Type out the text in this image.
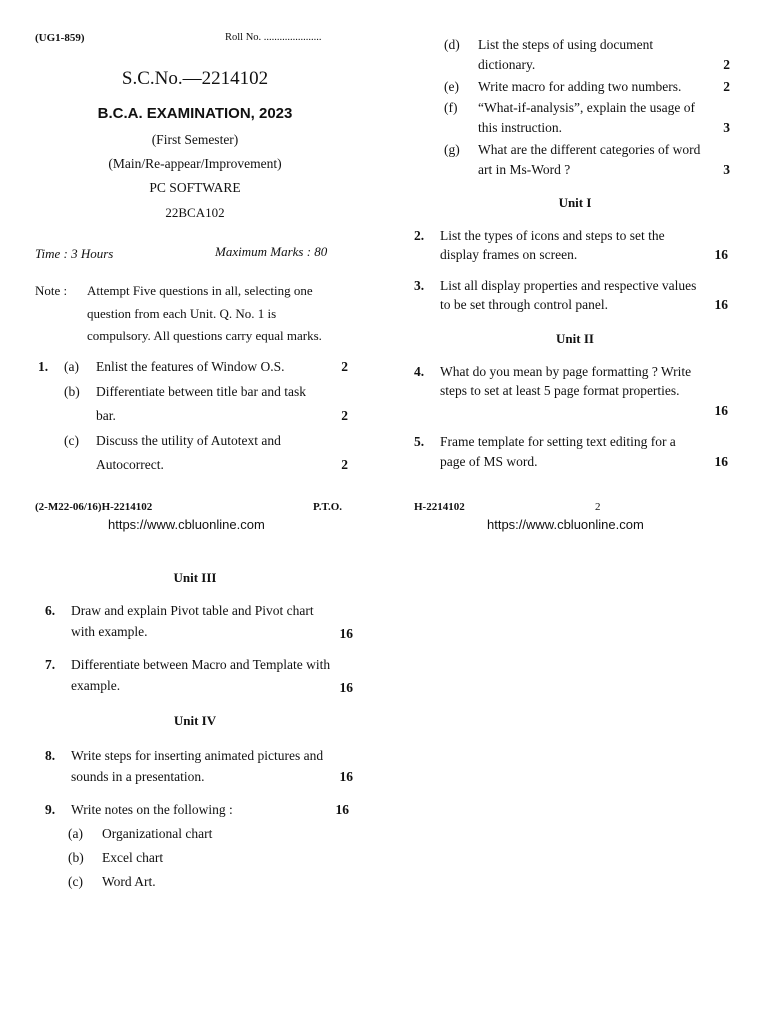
(UG1-859)	Roll No. ......................
S.C.No.—2214102
B.C.A. EXAMINATION, 2023
(First Semester)
(Main/Re-appear/Improvement)
PC SOFTWARE
22BCA102
Time : 3 Hours	Maximum Marks : 80
Note : Attempt Five questions in all, selecting one
question from each Unit. Q. No. 1 is
compulsory. All questions carry equal marks.
1. (a) Enlist the features of Window O.S.	2
(b) Differentiate between title bar and task
bar.	2
(c) Discuss the utility of Autotext and
Autocorrect.	2
(2-M22-06/16)H-2214102	P.T.O.
https://www.cbluonline.com
(d) List the steps of using document
dictionary.	2
(e) Write macro for adding two numbers.	2
(f) “What-if-analysis”, explain the usage of
this instruction.	3
(g) What are the different categories of word
art in Ms-Word ?	3
Unit I
2. List the types of icons and steps to set the
display frames on screen.	16
3. List all display properties and respective values
to be set through control panel.	16
Unit II
4. What do you mean by page formatting ? Write
steps to set at least 5 page format properties.
16
5. Frame template for setting text editing for a
page of MS word.	16
H-2214102	2
https://www.cbluonline.com
Unit III
6. Draw and explain Pivot table and Pivot chart
with example.	16
7. Differentiate between Macro and Template with
example.	16
Unit IV
8. Write steps for inserting animated pictures and
sounds in a presentation.	16
9. Write notes on the following :	16
(a) Organizational chart
(b) Excel chart
(c) Word Art.
